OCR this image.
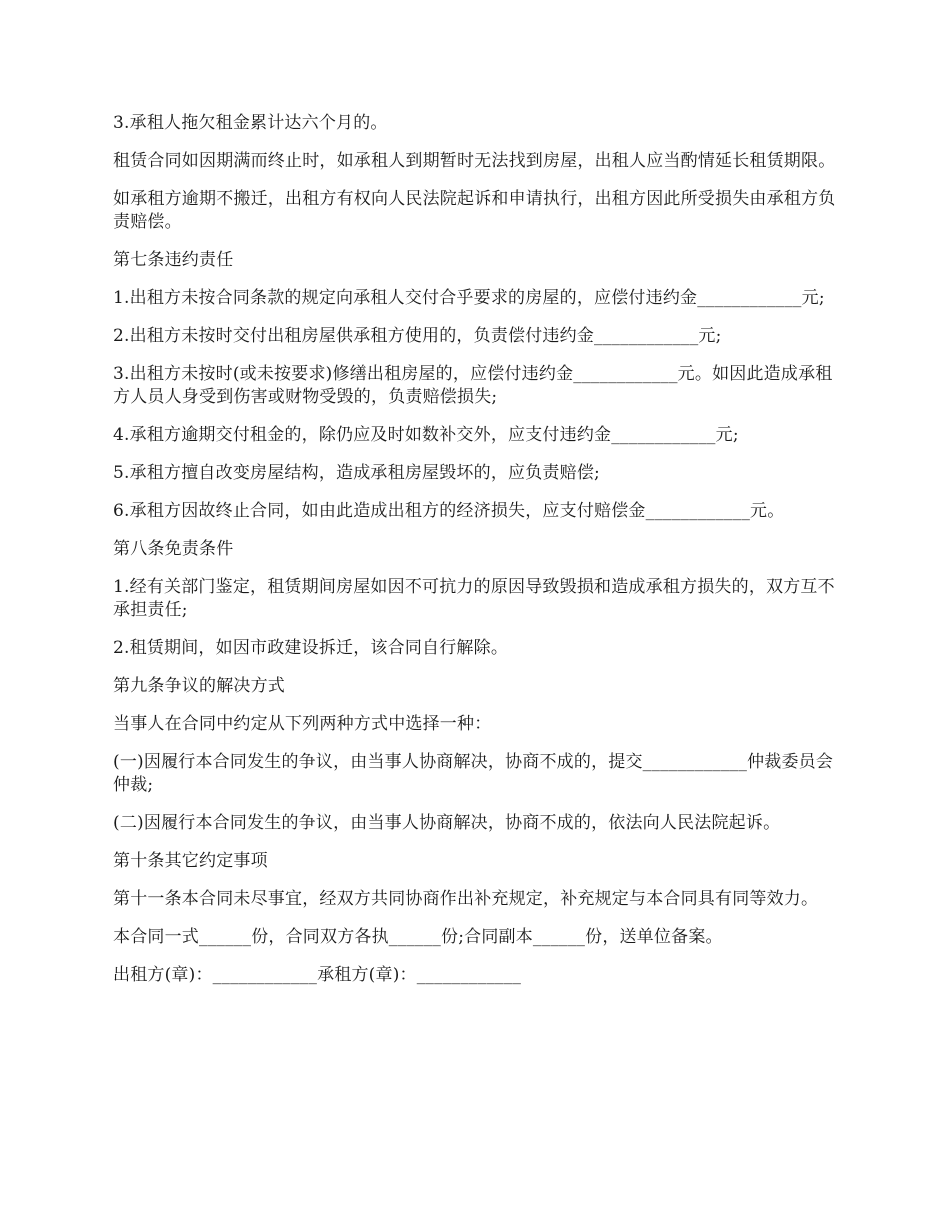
3.承租人拖欠租金累计达六个月的。

租赁合同如因期满而终止时，如承租人到期暂时无法找到房屋，出租人应当酌情延长租赁期限。

如承租方逾期不搬迁，出租方有权向人民法院起诉和申请执行，出租方因此所受损失由承租方负责赔偿。

第七条违约责任

1.出租方未按合同条款的规定向承租人交付合乎要求的房屋的，应偿付违约金____________元;

2.出租方未按时交付出租房屋供承租方使用的，负责偿付违约金____________元;

3.出租方未按时(或未按要求)修缮出租房屋的，应偿付违约金____________元。如因此造成承租方人员人身受到伤害或财物受毁的，负责赔偿损失;

4.承租方逾期交付租金的，除仍应及时如数补交外，应支付违约金____________元;

5.承租方擅自改变房屋结构，造成承租房屋毁坏的，应负责赔偿;

6.承租方因故终止合同，如由此造成出租方的经济损失，应支付赔偿金____________元。

第八条免责条件

1.经有关部门鉴定，租赁期间房屋如因不可抗力的原因导致毁损和造成承租方损失的，双方互不承担责任;

2.租赁期间，如因市政建设拆迁，该合同自行解除。

第九条争议的解决方式

当事人在合同中约定从下列两种方式中选择一种：

(一)因履行本合同发生的争议，由当事人协商解决，协商不成的，提交____________仲裁委员会仲裁;

(二)因履行本合同发生的争议，由当事人协商解决，协商不成的，依法向人民法院起诉。

第十条其它约定事项

第十一条本合同未尽事宜，经双方共同协商作出补充规定，补充规定与本合同具有同等效力。

本合同一式______份，合同双方各执______份;合同副本______份，送单位备案。

出租方(章)：____________承租方(章)：____________
